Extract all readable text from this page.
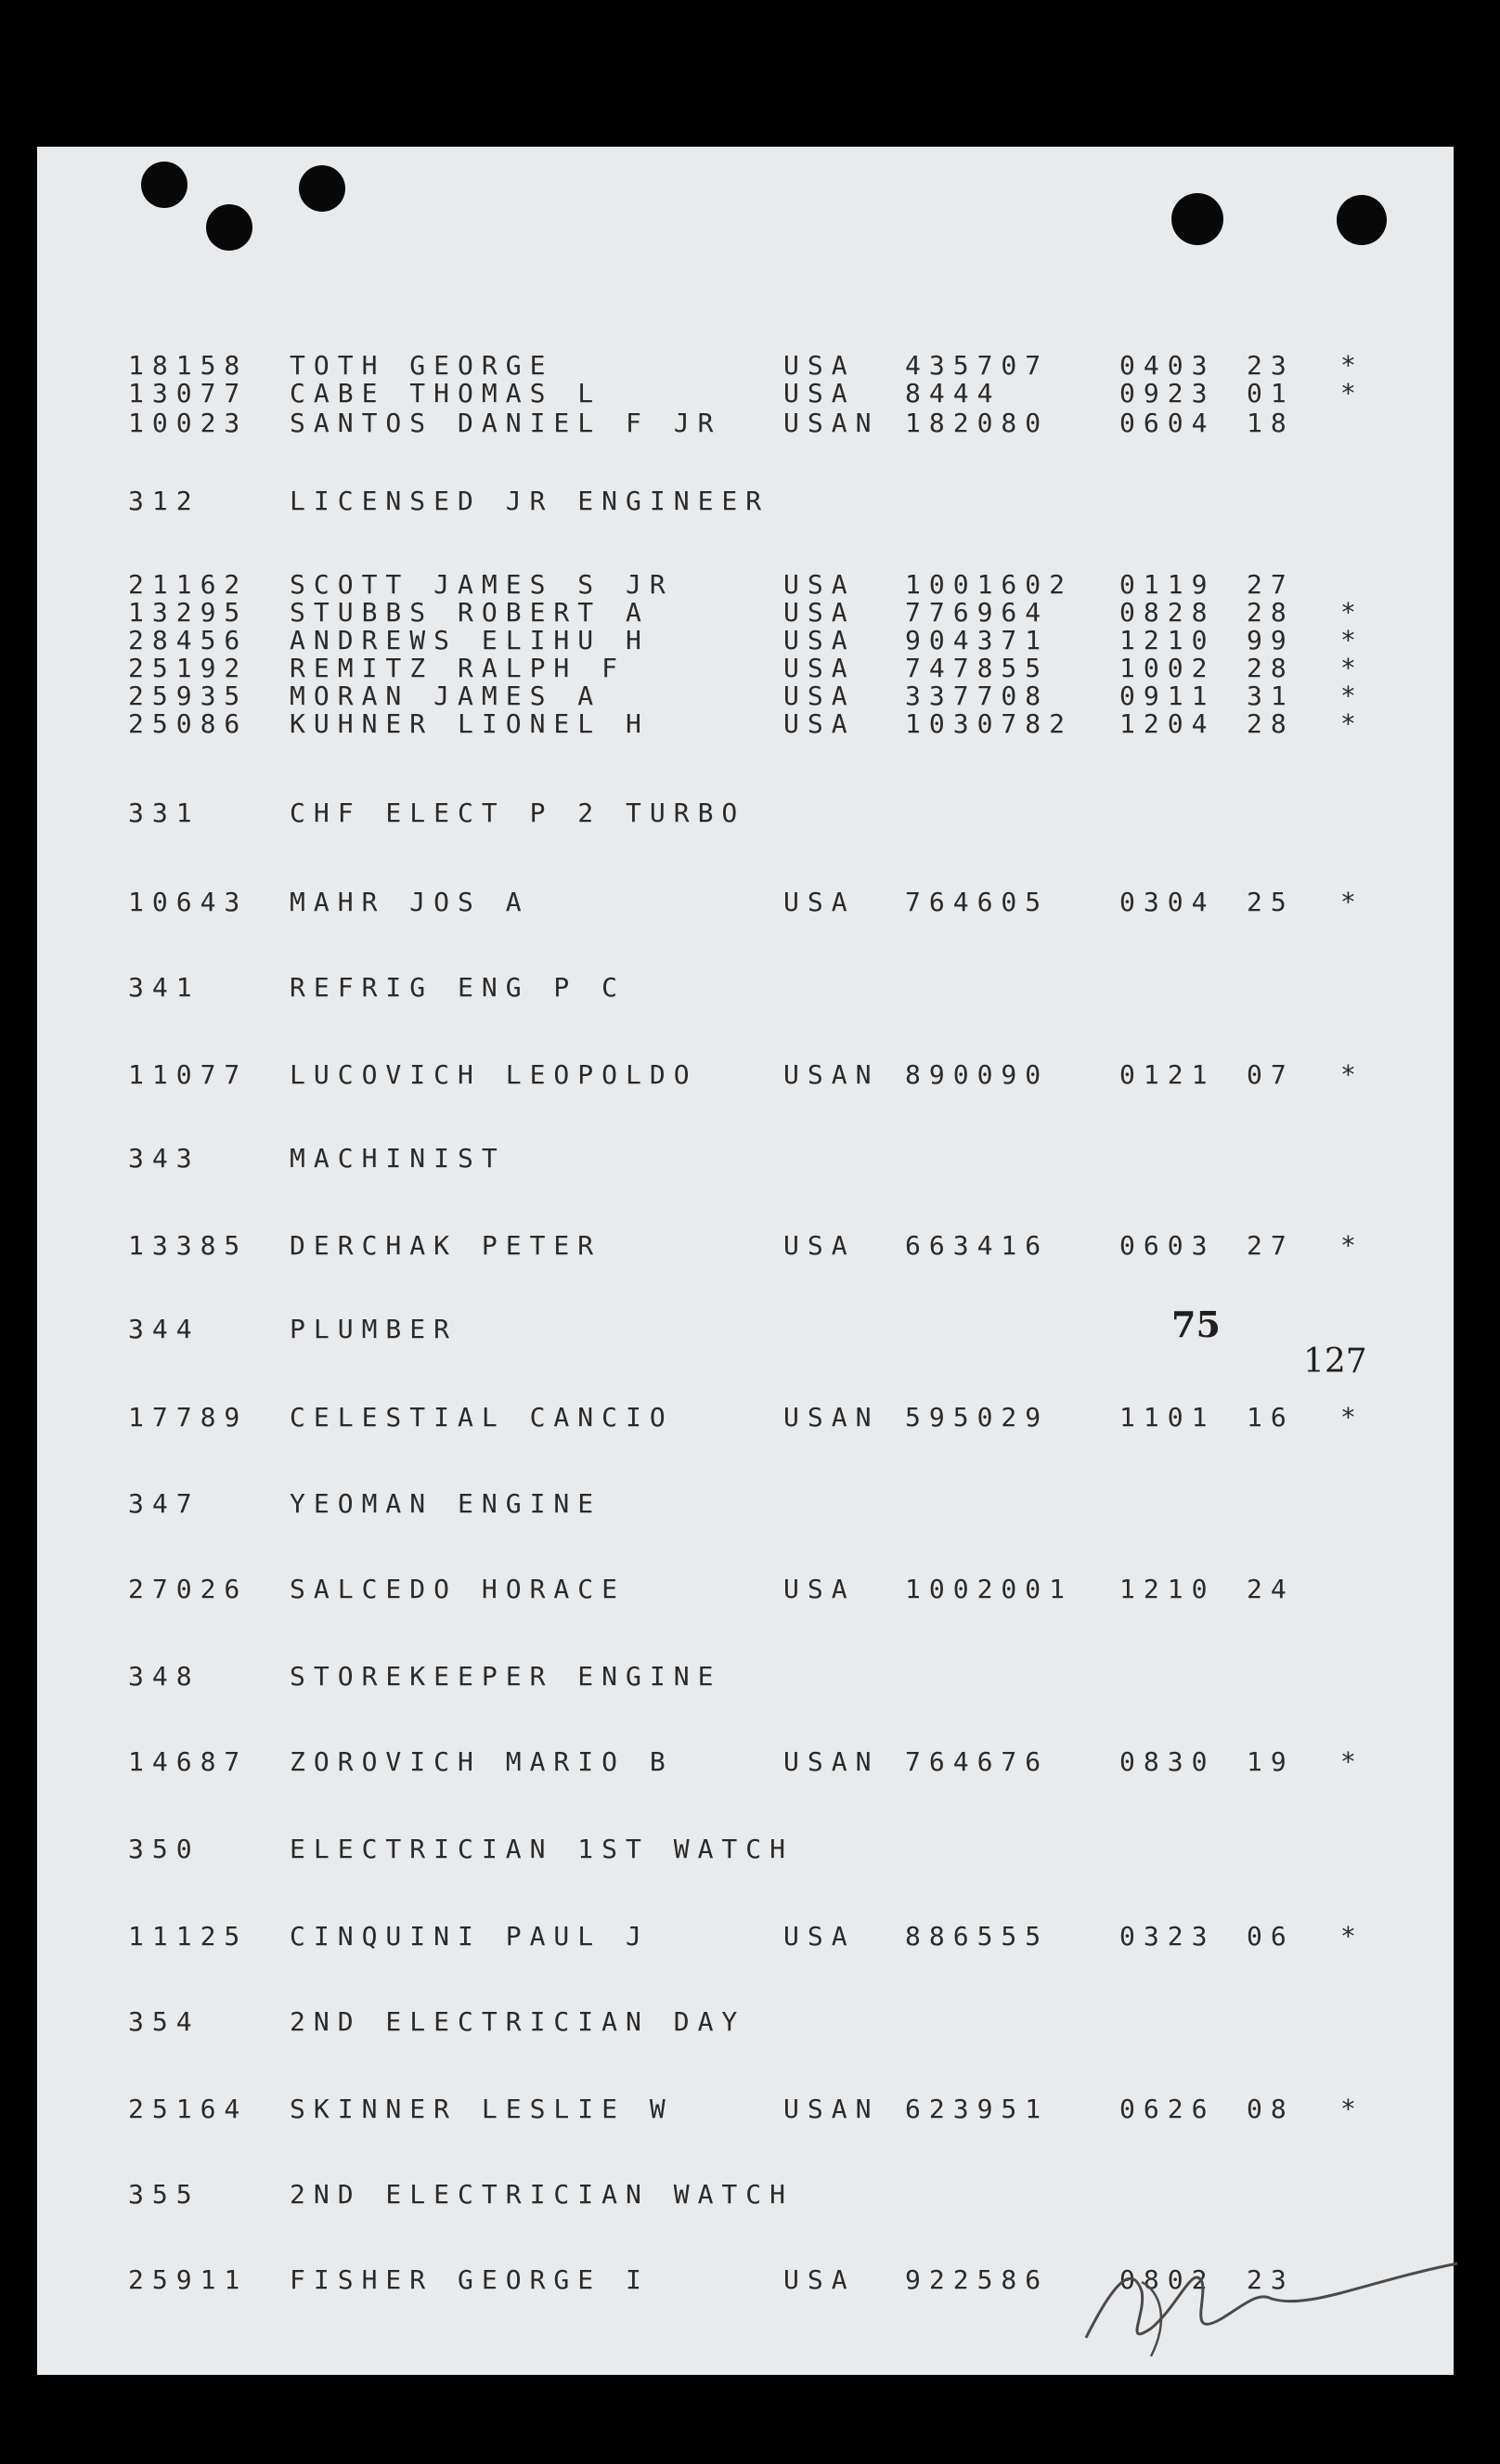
18158 TOTH GEORGE	USA 435707	0403 23 *
13077 CABE THOMAS L	USA 8444	0923 01 *
10023 SANTOS DANIEL F JR USAN 182080	0604 18
312	LICENSED JR ENGINEER
21162 SCOTT JAMES S JR	USA 1001602 0119 27
13295 STUBBS ROBERT A	USA 776964	0828 28 *
28456 ANDREWS ELIHU H	USA 904371	1210 99 *
25192 REMITZ RALPH F	USA 747855	1002 28 *
25935 MORAN JAMES A	USA 337708	0911 31 *
25086 KUHNER LIONEL H	USA 1030782 1204 28 *
331	CHF ELECT P 2 TURBO
10643 MAHR JOS A	USA 764605	0304 25 *
341	REFRIG ENG P C
11077 LUCOVICH LEOPOLDO	USAN 890090	0121 07 *
343	MACHINIST
13385 DERCHAK PETER	USA 663416	0603 27 *
344	PLUMBER
17789 CELESTIAL CANCIO	USAN 595029	1101 16 *
347	YEOMAN ENGINE
27026 SALCEDO HORACE	USA 1002001 1210 24
348	STOREKEEPER ENGINE
14687 ZOROVICH MARIO B	USAN 764676	0830 19 *
350	ELECTRICIAN 1ST WATCH
11125 CINQUINI PAUL J	USA 886555	0323 06 *
354	2ND ELECTRICIAN DAY
25164 SKINNER LESLIE W	USAN 623951	0626 08 *
355	2ND ELECTRICIAN WATCH
25911 FISHER GEORGE I	USA 922586	0802 23
75
127
